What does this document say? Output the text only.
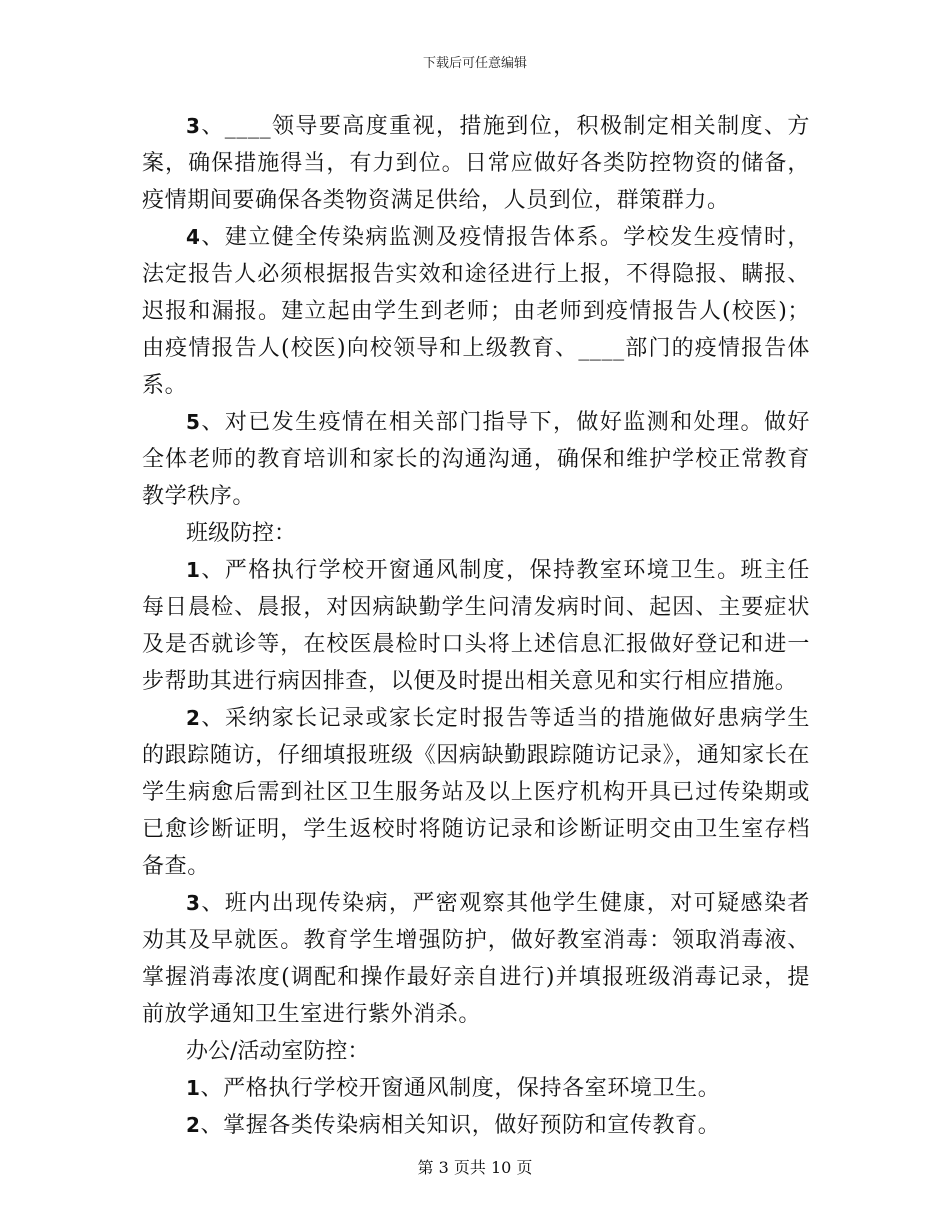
下载后可任意编辑

3、____领导要高度重视，措施到位，积极制定相关制度、方案，确保措施得当，有力到位。日常应做好各类防控物资的储备，疫情期间要确保各类物资满足供给，人员到位，群策群力。

4、建立健全传染病监测及疫情报告体系。学校发生疫情时，法定报告人必须根据报告实效和途径进行上报，不得隐报、瞒报、迟报和漏报。建立起由学生到老师；由老师到疫情报告人(校医)；由疫情报告人(校医)向校领导和上级教育、____部门的疫情报告体系。

5、对已发生疫情在相关部门指导下，做好监测和处理。做好全体老师的教育培训和家长的沟通沟通，确保和维护学校正常教育教学秩序。

班级防控：

1、严格执行学校开窗通风制度，保持教室环境卫生。班主任每日晨检、晨报，对因病缺勤学生问清发病时间、起因、主要症状及是否就诊等，在校医晨检时口头将上述信息汇报做好登记和进一步帮助其进行病因排查，以便及时提出相关意见和实行相应措施。

2、采纳家长记录或家长定时报告等适当的措施做好患病学生的跟踪随访，仔细填报班级《因病缺勤跟踪随访记录》，通知家长在学生病愈后需到社区卫生服务站及以上医疗机构开具已过传染期或已愈诊断证明，学生返校时将随访记录和诊断证明交由卫生室存档备查。

3、班内出现传染病，严密观察其他学生健康，对可疑感染者劝其及早就医。教育学生增强防护，做好教室消毒：领取消毒液、掌握消毒浓度(调配和操作最好亲自进行)并填报班级消毒记录，提前放学通知卫生室进行紫外消杀。

办公/活动室防控：

1、严格执行学校开窗通风制度，保持各室环境卫生。

2、掌握各类传染病相关知识，做好预防和宣传教育。

第 3 页共 10 页
